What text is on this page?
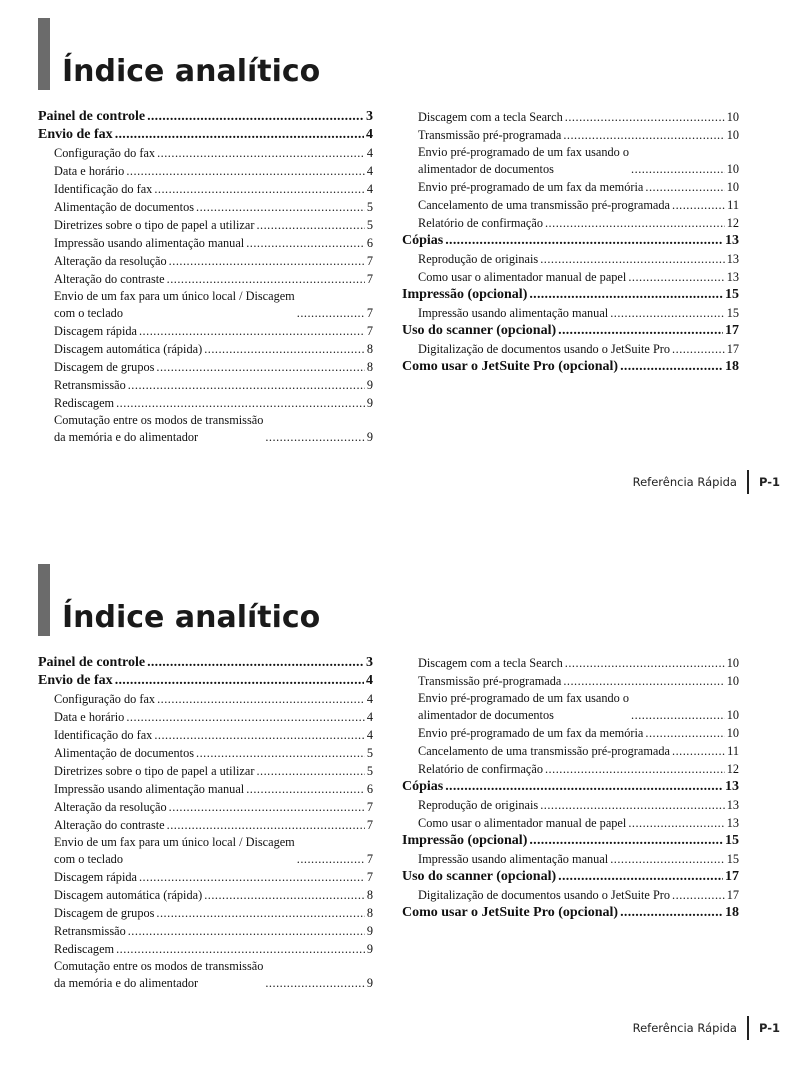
Índice analítico
Painel de controle .....	3
Envio de fax .....	4
Configuração do fax .....	4
Data e horário .....	4
Identificação do fax .....	4
Alimentação de documentos .....	5
Diretrizes sobre o tipo de papel a utilizar .....	5
Impressão usando alimentação manual .....	6
Alteração da resolução .....	7
Alteração do contraste .....	7
Envio de um fax para um único local / Discagem
com o teclado .....	7
Discagem rápida .....	7
Discagem automática (rápida) .....	8
Discagem de grupos .....	8
Retransmissão .....	9
Rediscagem .....	9
Comutação entre os modos de transmissão
da memória e do alimentador .....	9
Discagem com a tecla Search .....	10
Transmissão pré-programada .....	10
Envio pré-programado de um fax usando o
alimentador de documentos .....	10
Envio pré-programado de um fax da memória .....	10
Cancelamento de uma transmissão pré-programada .....	11
Relatório de confirmação .....	12
Cópias .....	13
Reprodução de originais .....	13
Como usar o alimentador manual de papel .....	13
Impressão (opcional) .....	15
Impressão usando alimentação manual .....	15
Uso do scanner (opcional) .....	17
Digitalização de documentos usando o JetSuite Pro .....	17
Como usar o JetSuite Pro (opcional) .....	18
Referência Rápida P-1
Índice analítico
Painel de controle .....	3
Envio de fax .....	4
Configuração do fax .....	4
Data e horário .....	4
Identificação do fax .....	4
Alimentação de documentos .....	5
Diretrizes sobre o tipo de papel a utilizar .....	5
Impressão usando alimentação manual .....	6
Alteração da resolução .....	7
Alteração do contraste .....	7
Envio de um fax para um único local / Discagem
com o teclado .....	7
Discagem rápida .....	7
Discagem automática (rápida) .....	8
Discagem de grupos .....	8
Retransmissão .....	9
Rediscagem .....	9
Comutação entre os modos de transmissão
da memória e do alimentador .....	9
Discagem com a tecla Search .....	10
Transmissão pré-programada .....	10
Envio pré-programado de um fax usando o
alimentador de documentos .....	10
Envio pré-programado de um fax da memória .....	10
Cancelamento de uma transmissão pré-programada .....	11
Relatório de confirmação .....	12
Cópias .....	13
Reprodução de originais .....	13
Como usar o alimentador manual de papel .....	13
Impressão (opcional) .....	15
Impressão usando alimentação manual .....	15
Uso do scanner (opcional) .....	17
Digitalização de documentos usando o JetSuite Pro .....	17
Como usar o JetSuite Pro (opcional) .....	18
Referência Rápida P-1
